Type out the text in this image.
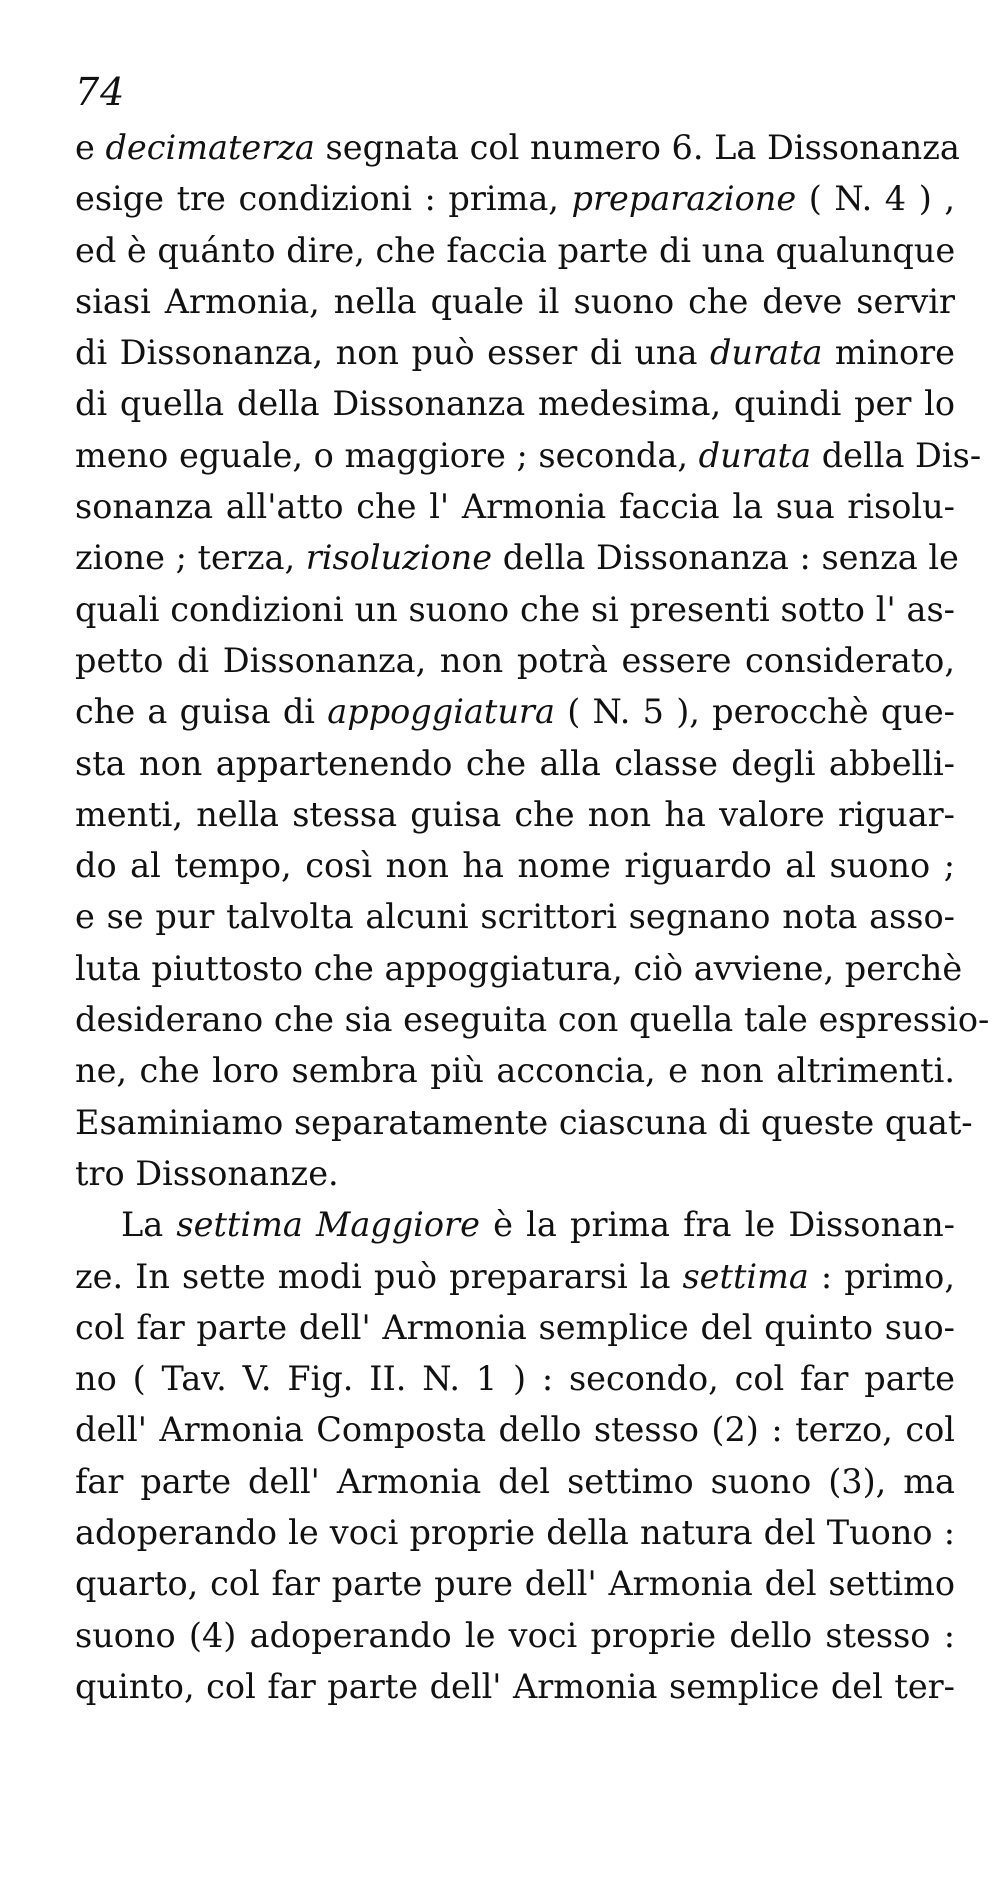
74
e decimaterza segnata col numero 6. La Dissonanza
esige tre condizioni : prima, preparazione ( N. 4 ) ,
ed è quánto dire, che faccia parte di una qualunque
siasi Armonia, nella quale il suono che deve servir
di Dissonanza, non può esser di una durata minore
di quella della Dissonanza medesima, quindi per lo
meno eguale, o maggiore ; seconda, durata della Dis-
sonanza all'atto che l' Armonia faccia la sua risolu-
zione ; terza, risoluzione della Dissonanza : senza le
quali condizioni un suono che si presenti sotto l' as-
petto di Dissonanza, non potrà essere considerato,
che a guisa di appoggiatura ( N. 5 ), perocchè que-
sta non appartenendo che alla classe degli abbelli-
menti, nella stessa guisa che non ha valore riguar-
do al tempo, così non ha nome riguardo al suono ;
e se pur talvolta alcuni scrittori segnano nota asso-
luta piuttosto che appoggiatura, ciò avviene, perchè
desiderano che sia eseguita con quella tale espressio-
ne, che loro sembra più acconcia, e non altrimenti.
Esaminiamo separatamente ciascuna di queste quat-
tro Dissonanze.
La settima Maggiore è la prima fra le Dissonan-
ze. In sette modi può prepararsi la settima : primo,
col far parte dell' Armonia semplice del quinto suo-
no ( Tav. V. Fig. II. N. 1 ) : secondo, col far parte
dell' Armonia Composta dello stesso (2) : terzo, col
far parte dell' Armonia del settimo suono (3), ma
adoperando le voci proprie della natura del Tuono :
quarto, col far parte pure dell' Armonia del settimo
suono (4) adoperando le voci proprie dello stesso :
quinto, col far parte dell' Armonia semplice del ter-
